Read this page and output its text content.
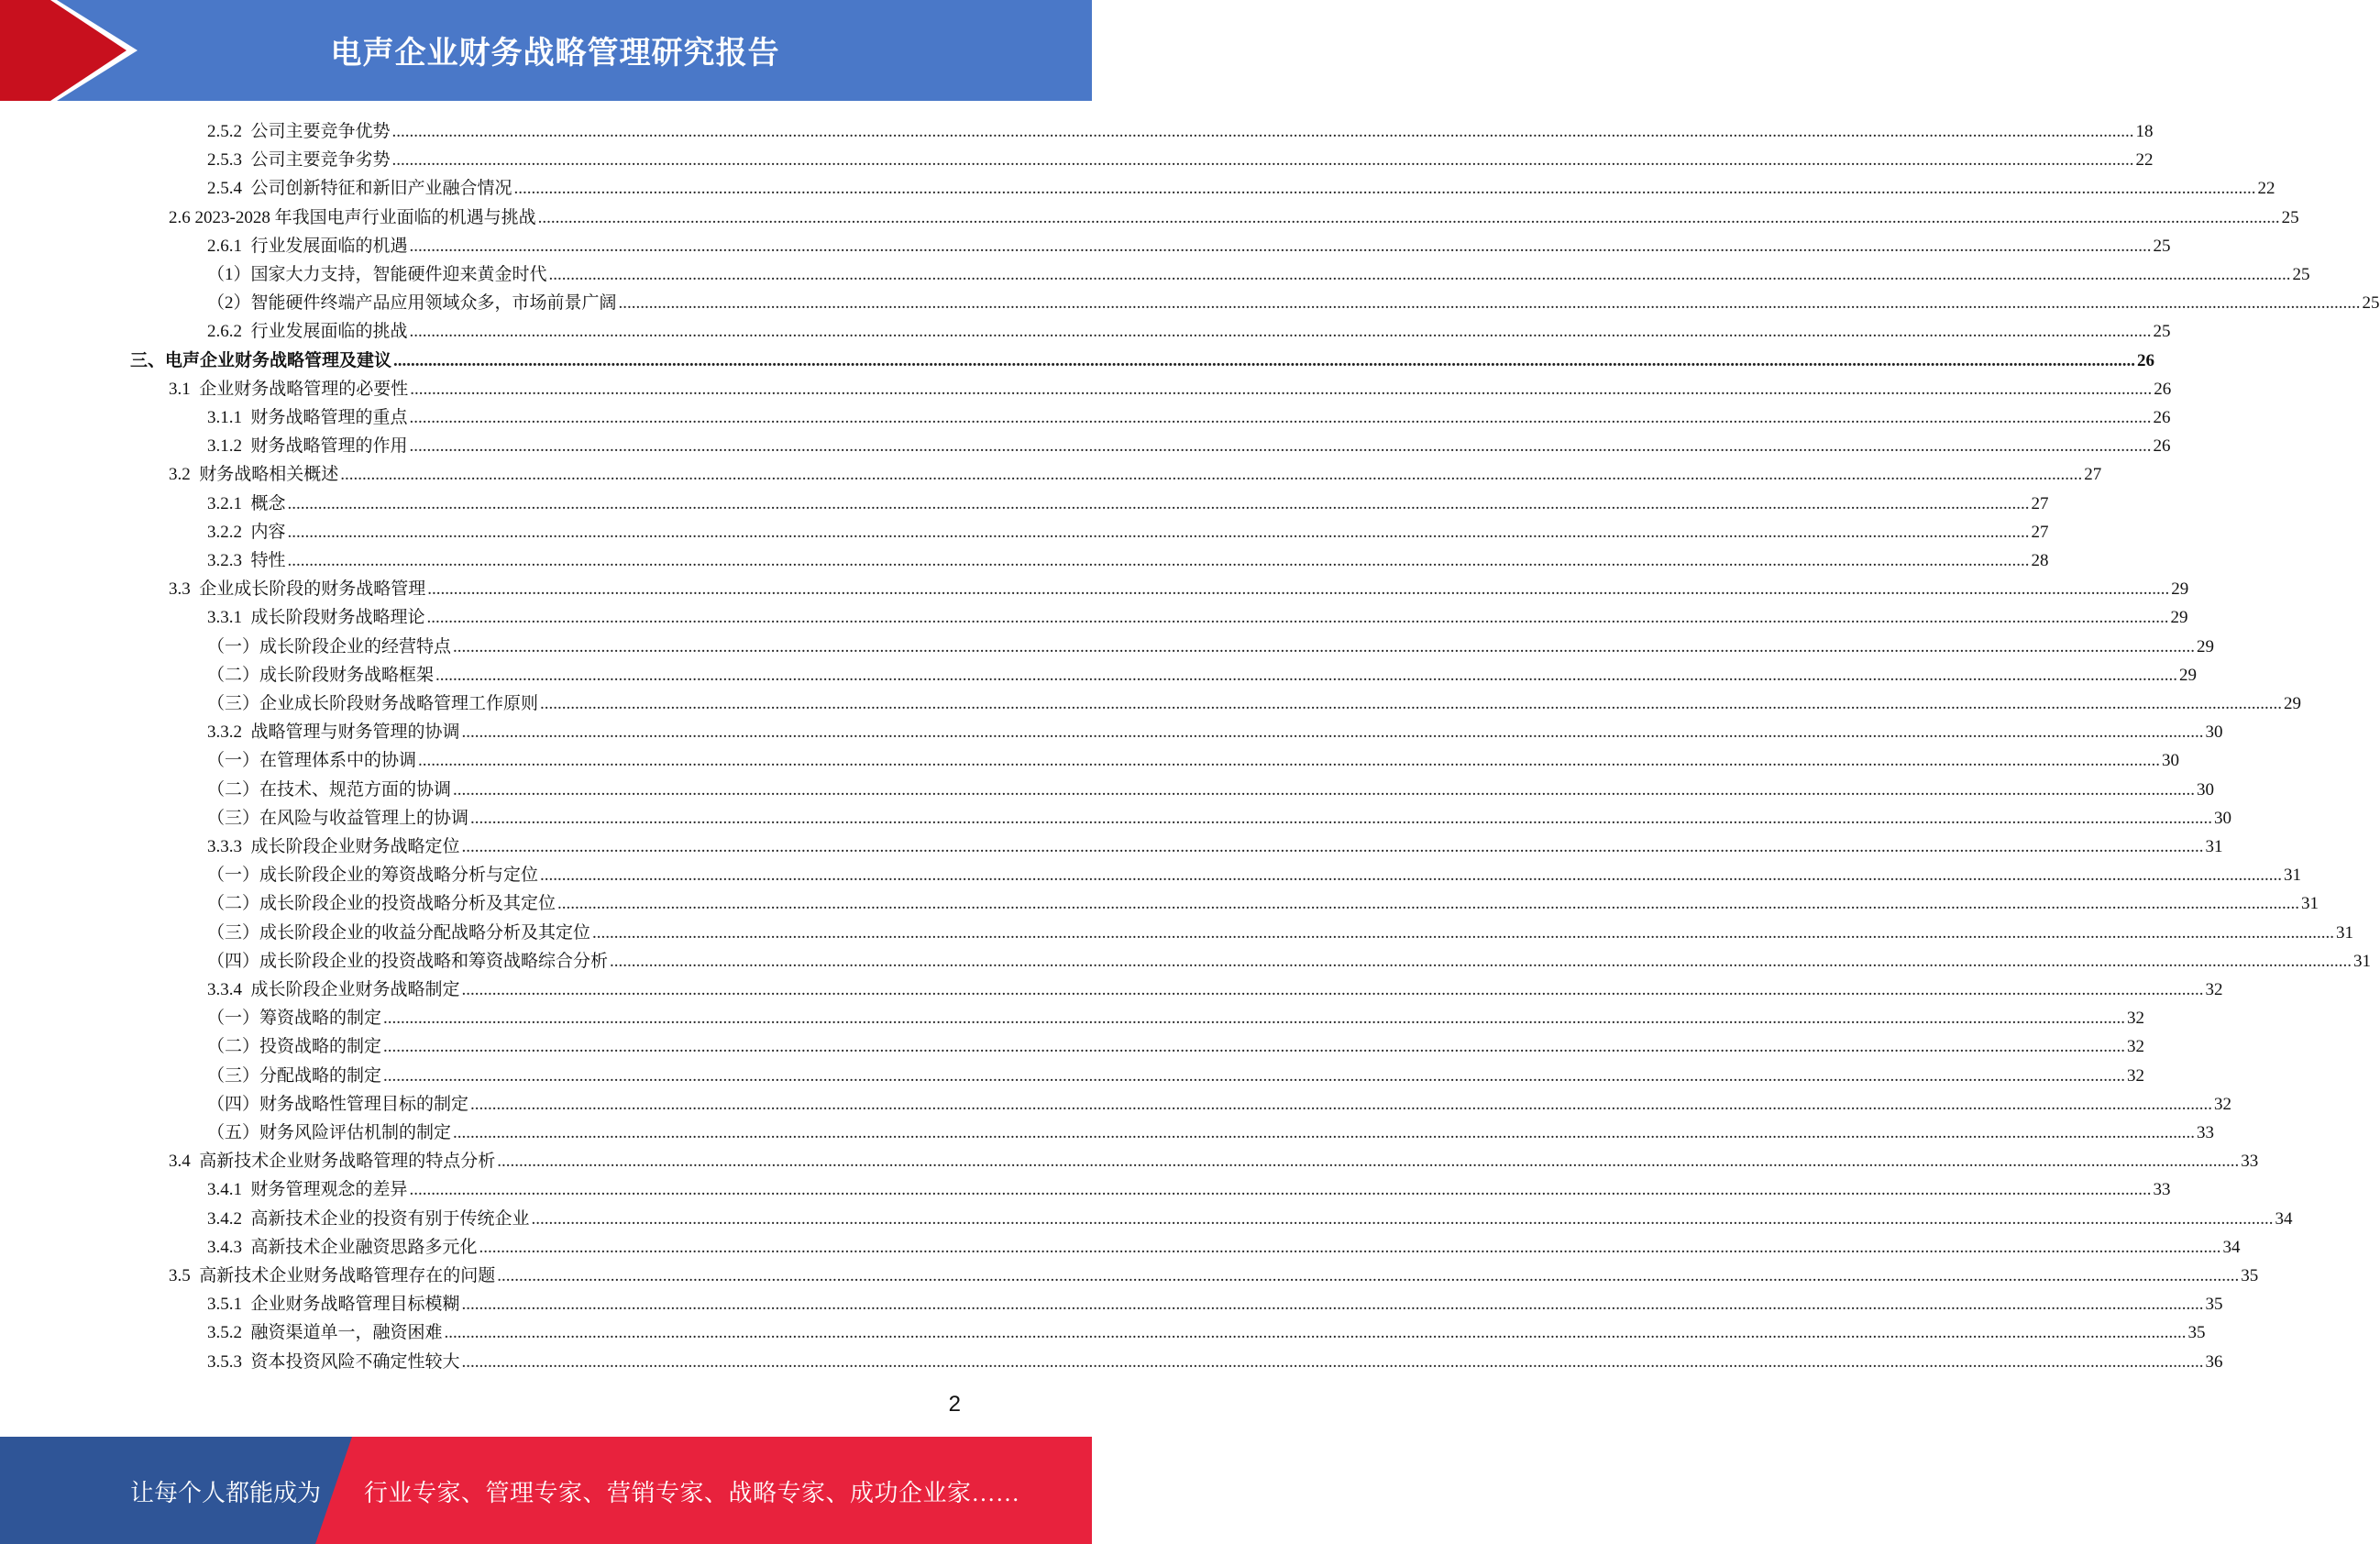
电声企业财务战略管理研究报告
2.5.2  公司主要竞争优势 ................................................................................................................................................................................................................................................................................................................................................................................................................ 18
2.5.3  公司主要竞争劣势 ................................................................................................................................................................................................................................................................................................................................................................................................................ 22
2.5.4  公司创新特征和新旧产业融合情况 ................................................................................................................................................................................................................................................................................................................................................................................................................ 22
2.6 2023-2028 年我国电声行业面临的机遇与挑战 ................................................................................................................................................................................................................................................................................................................................................................................................................ 25
2.6.1  行业发展面临的机遇 ................................................................................................................................................................................................................................................................................................................................................................................................................ 25
（1）国家大力支持，智能硬件迎来黄金时代 ................................................................................................................................................................................................................................................................................................................................................................................................................ 25
（2）智能硬件终端产品应用领域众多，市场前景广阔 ................................................................................................................................................................................................................................................................................................................................................................................................................ 25
2.6.2  行业发展面临的挑战 ................................................................................................................................................................................................................................................................................................................................................................................................................ 25
三、电声企业财务战略管理及建议 ................................................................................................................................................................................................................................................................................................................................................................................................................ 26
3.1  企业财务战略管理的必要性 ................................................................................................................................................................................................................................................................................................................................................................................................................ 26
3.1.1  财务战略管理的重点 ................................................................................................................................................................................................................................................................................................................................................................................................................ 26
3.1.2  财务战略管理的作用 ................................................................................................................................................................................................................................................................................................................................................................................................................ 26
3.2  财务战略相关概述 ................................................................................................................................................................................................................................................................................................................................................................................................................ 27
3.2.1  概念 ................................................................................................................................................................................................................................................................................................................................................................................................................ 27
3.2.2  内容 ................................................................................................................................................................................................................................................................................................................................................................................................................ 27
3.2.3  特性 ................................................................................................................................................................................................................................................................................................................................................................................................................ 28
3.3  企业成长阶段的财务战略管理 ................................................................................................................................................................................................................................................................................................................................................................................................................ 29
3.3.1  成长阶段财务战略理论 ................................................................................................................................................................................................................................................................................................................................................................................................................ 29
（一）成长阶段企业的经营特点 ................................................................................................................................................................................................................................................................................................................................................................................................................ 29
（二）成长阶段财务战略框架 ................................................................................................................................................................................................................................................................................................................................................................................................................ 29
（三）企业成长阶段财务战略管理工作原则 ................................................................................................................................................................................................................................................................................................................................................................................................................ 29
3.3.2  战略管理与财务管理的协调 ................................................................................................................................................................................................................................................................................................................................................................................................................ 30
（一）在管理体系中的协调 ................................................................................................................................................................................................................................................................................................................................................................................................................ 30
（二）在技术、规范方面的协调 ................................................................................................................................................................................................................................................................................................................................................................................................................ 30
（三）在风险与收益管理上的协调 ................................................................................................................................................................................................................................................................................................................................................................................................................ 30
3.3.3  成长阶段企业财务战略定位 ................................................................................................................................................................................................................................................................................................................................................................................................................ 31
（一）成长阶段企业的筹资战略分析与定位 ................................................................................................................................................................................................................................................................................................................................................................................................................ 31
（二）成长阶段企业的投资战略分析及其定位 ................................................................................................................................................................................................................................................................................................................................................................................................................ 31
（三）成长阶段企业的收益分配战略分析及其定位 ................................................................................................................................................................................................................................................................................................................................................................................................................ 31
（四）成长阶段企业的投资战略和筹资战略综合分析 ................................................................................................................................................................................................................................................................................................................................................................................................................ 31
3.3.4  成长阶段企业财务战略制定 ................................................................................................................................................................................................................................................................................................................................................................................................................ 32
（一）筹资战略的制定 ................................................................................................................................................................................................................................................................................................................................................................................................................ 32
（二）投资战略的制定 ................................................................................................................................................................................................................................................................................................................................................................................................................ 32
（三）分配战略的制定 ................................................................................................................................................................................................................................................................................................................................................................................................................ 32
（四）财务战略性管理目标的制定 ................................................................................................................................................................................................................................................................................................................................................................................................................ 32
（五）财务风险评估机制的制定 ................................................................................................................................................................................................................................................................................................................................................................................................................ 33
3.4  高新技术企业财务战略管理的特点分析 ................................................................................................................................................................................................................................................................................................................................................................................................................ 33
3.4.1  财务管理观念的差异 ................................................................................................................................................................................................................................................................................................................................................................................................................ 33
3.4.2  高新技术企业的投资有别于传统企业 ................................................................................................................................................................................................................................................................................................................................................................................................................ 34
3.4.3  高新技术企业融资思路多元化 ................................................................................................................................................................................................................................................................................................................................................................................................................ 34
3.5  高新技术企业财务战略管理存在的问题 ................................................................................................................................................................................................................................................................................................................................................................................................................ 35
3.5.1  企业财务战略管理目标模糊 ................................................................................................................................................................................................................................................................................................................................................................................................................ 35
3.5.2  融资渠道单一，融资困难 ................................................................................................................................................................................................................................................................................................................................................................................................................ 35
3.5.3  资本投资风险不确定性较大 ................................................................................................................................................................................................................................................................................................................................................................................................................ 36
2
让每个人都能成为 行业专家、管理专家、营销专家、战略专家、成功企业家……
